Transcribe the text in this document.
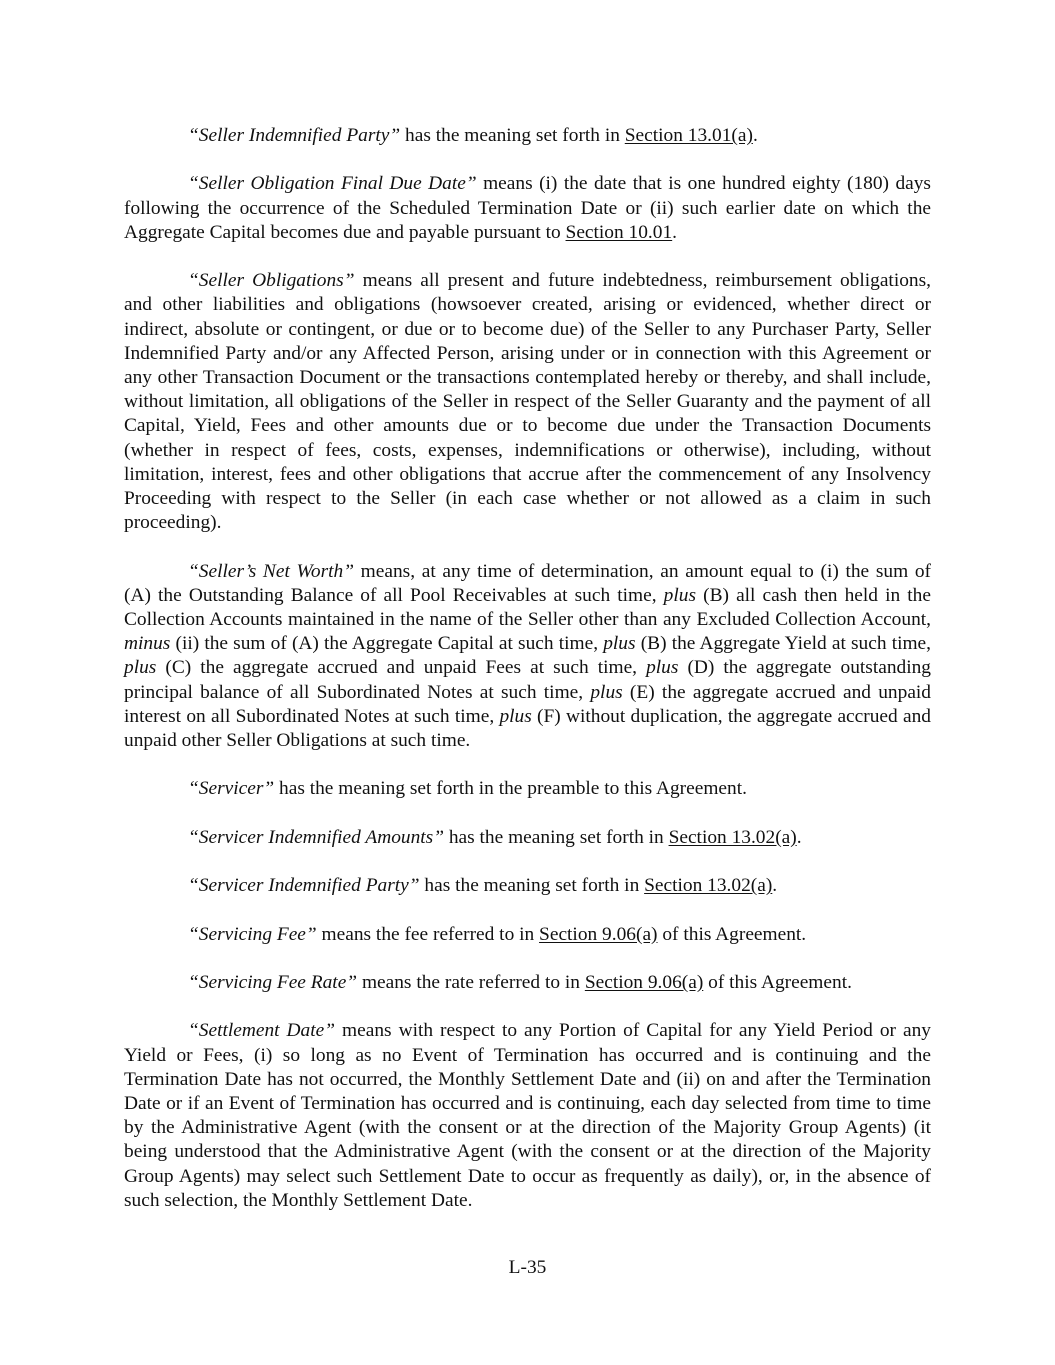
“Seller Indemnified Party” has the meaning set forth in Section 13.01(a).

“Seller Obligation Final Due Date” means (i) the date that is one hundred eighty (180) days following the occurrence of the Scheduled Termination Date or (ii) such earlier date on which the Aggregate Capital becomes due and payable pursuant to Section 10.01.

“Seller Obligations” means all present and future indebtedness, reimbursement obligations, and other liabilities and obligations (howsoever created, arising or evidenced, whether direct or indirect, absolute or contingent, or due or to become due) of the Seller to any Purchaser Party, Seller Indemnified Party and/or any Affected Person, arising under or in connection with this Agreement or any other Transaction Document or the transactions contemplated hereby or thereby, and shall include, without limitation, all obligations of the Seller in respect of the Seller Guaranty and the payment of all Capital, Yield, Fees and other amounts due or to become due under the Transaction Documents (whether in respect of fees, costs, expenses, indemnifications or otherwise), including, without limitation, interest, fees and other obligations that accrue after the commencement of any Insolvency Proceeding with respect to the Seller (in each case whether or not allowed as a claim in such proceeding).

“Seller’s Net Worth” means, at any time of determination, an amount equal to (i) the sum of (A) the Outstanding Balance of all Pool Receivables at such time, plus (B) all cash then held in the Collection Accounts maintained in the name of the Seller other than any Excluded Collection Account, minus (ii) the sum of (A) the Aggregate Capital at such time, plus (B) the Aggregate Yield at such time, plus (C) the aggregate accrued and unpaid Fees at such time, plus (D) the aggregate outstanding principal balance of all Subordinated Notes at such time, plus (E) the aggregate accrued and unpaid interest on all Subordinated Notes at such time, plus (F) without duplication, the aggregate accrued and unpaid other Seller Obligations at such time.

“Servicer” has the meaning set forth in the preamble to this Agreement.

“Servicer Indemnified Amounts” has the meaning set forth in Section 13.02(a).

“Servicer Indemnified Party” has the meaning set forth in Section 13.02(a).

“Servicing Fee” means the fee referred to in Section 9.06(a) of this Agreement.

“Servicing Fee Rate” means the rate referred to in Section 9.06(a) of this Agreement.

“Settlement Date” means with respect to any Portion of Capital for any Yield Period or any Yield or Fees, (i) so long as no Event of Termination has occurred and is continuing and the Termination Date has not occurred, the Monthly Settlement Date and (ii) on and after the Termination Date or if an Event of Termination has occurred and is continuing, each day selected from time to time by the Administrative Agent (with the consent or at the direction of the Majority Group Agents) (it being understood that the Administrative Agent (with the consent or at the direction of the Majority Group Agents) may select such Settlement Date to occur as frequently as daily), or, in the absence of such selection, the Monthly Settlement Date.

L-35
